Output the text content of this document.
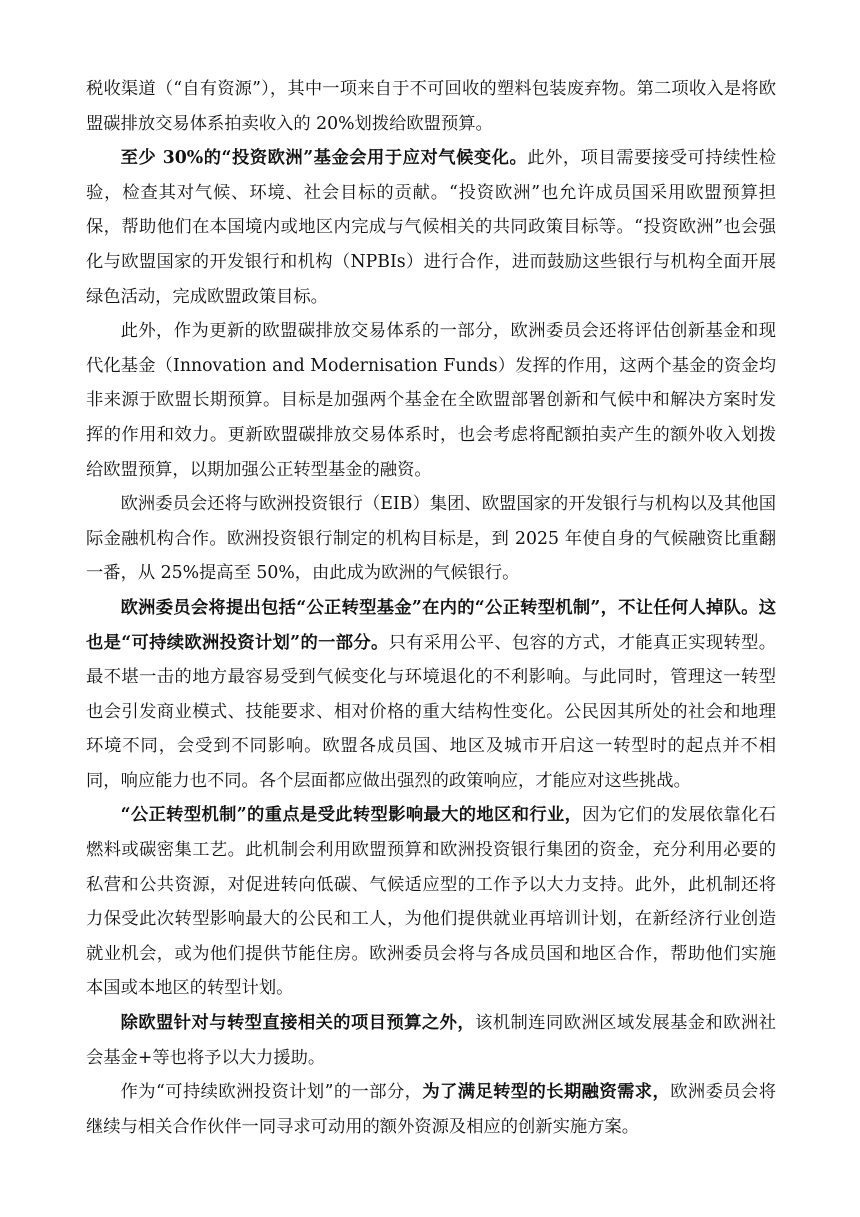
税收渠道（“自有资源”），其中一项来自于不可回收的塑料包装废弃物。第二项收入是将欧盟碳排放交易体系拍卖收入的 20%划拨给欧盟预算。

至少 30%的“投资欧洲”基金会用于应对气候变化。此外，项目需要接受可持续性检验，检查其对气候、环境、社会目标的贡献。“投资欧洲”也允许成员国采用欧盟预算担保，帮助他们在本国境内或地区内完成与气候相关的共同政策目标等。“投资欧洲”也会强化与欧盟国家的开发银行和机构（NPBIs）进行合作，进而鼓励这些银行与机构全面开展绿色活动，完成欧盟政策目标。

此外，作为更新的欧盟碳排放交易体系的一部分，欧洲委员会还将评估创新基金和现代化基金（Innovation and Modernisation Funds）发挥的作用，这两个基金的资金均非来源于欧盟长期预算。目标是加强两个基金在全欧盟部署创新和气候中和解决方案时发挥的作用和效力。更新欧盟碳排放交易体系时，也会考虑将配额拍卖产生的额外收入划拨给欧盟预算，以期加强公正转型基金的融资。

欧洲委员会还将与欧洲投资银行（EIB）集团、欧盟国家的开发银行与机构以及其他国际金融机构合作。欧洲投资银行制定的机构目标是，到 2025 年使自身的气候融资比重翻一番，从 25%提高至 50%，由此成为欧洲的气候银行。

欧洲委员会将提出包括“公正转型基金”在内的“公正转型机制”，不让任何人掉队。这也是“可持续欧洲投资计划”的一部分。只有采用公平、包容的方式，才能真正实现转型。最不堪一击的地方最容易受到气候变化与环境退化的不利影响。与此同时，管理这一转型也会引发商业模式、技能要求、相对价格的重大结构性变化。公民因其所处的社会和地理环境不同，会受到不同影响。欧盟各成员国、地区及城市开启这一转型时的起点并不相同，响应能力也不同。各个层面都应做出强烈的政策响应，才能应对这些挑战。

“公正转型机制”的重点是受此转型影响最大的地区和行业，因为它们的发展依靠化石燃料或碳密集工艺。此机制会利用欧盟预算和欧洲投资银行集团的资金，充分利用必要的私营和公共资源，对促进转向低碳、气候适应型的工作予以大力支持。此外，此机制还将力保受此次转型影响最大的公民和工人，为他们提供就业再培训计划，在新经济行业创造就业机会，或为他们提供节能住房。欧洲委员会将与各成员国和地区合作，帮助他们实施本国或本地区的转型计划。

除欧盟针对与转型直接相关的项目预算之外，该机制连同欧洲区域发展基金和欧洲社会基金+等也将予以大力援助。

作为“可持续欧洲投资计划”的一部分，为了满足转型的长期融资需求，欧洲委员会将继续与相关合作伙伴一同寻求可动用的额外资源及相应的创新实施方案。
